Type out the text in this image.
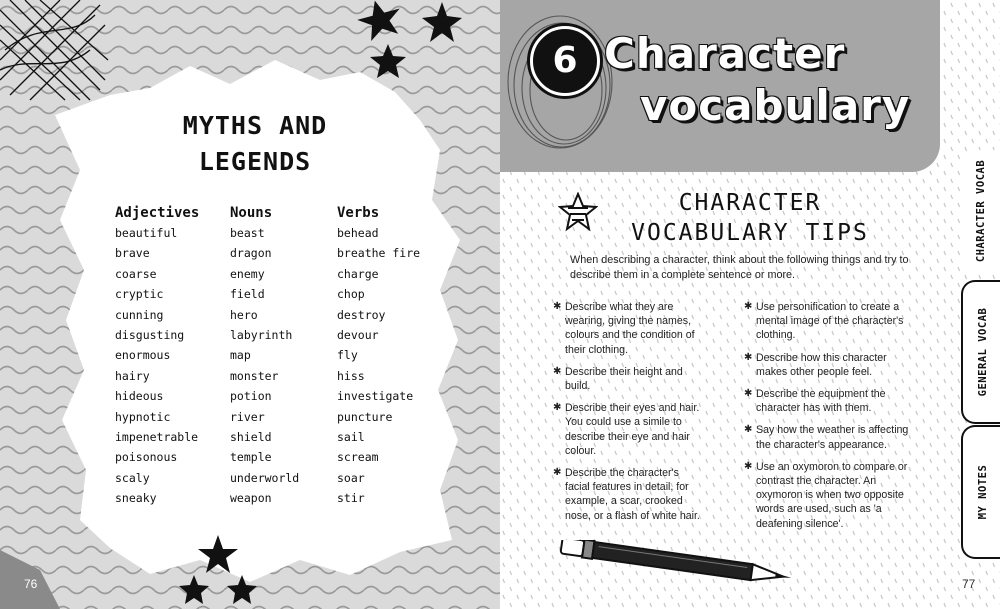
MYTHS AND
LEGENDS
Adjectives
beautiful
brave
coarse
cryptic
cunning
disgusting
enormous
hairy
hideous
hypnotic
impenetrable
poisonous
scaly
sneaky
Nouns
beast
dragon
enemy
field
hero
labyrinth
map
monster
potion
river
shield
temple
underworld
weapon
Verbs
behead
breathe fire
charge
chop
destroy
devour
fly
hiss
investigate
puncture
sail
scream
soar
stir
76
6 Character
vocabulary
CHARACTER
VOCABULARY TIPS
When describing a character, think about the following things and try to describe them in a complete sentence or more.
✱ Describe what they are wearing, giving the names, colours and the condition of their clothing.
✱ Describe their height and build.
✱ Describe their eyes and hair. You could use a simile to describe their eye and hair colour.
✱ Describe the character's facial features in detail, for example, a scar, crooked nose, or a flash of white hair.
✱ Use personification to create a mental image of the character's clothing.
✱ Describe how this character makes other people feel.
✱ Describe the equipment the character has with them.
✱ Say how the weather is affecting the character's appearance.
✱ Use an oxymoron to compare or contrast the character. An oxymoron is when two opposite words are used, such as 'a deafening silence'.
77
CHARACTER VOCAB
GENERAL VOCAB
MY NOTES
